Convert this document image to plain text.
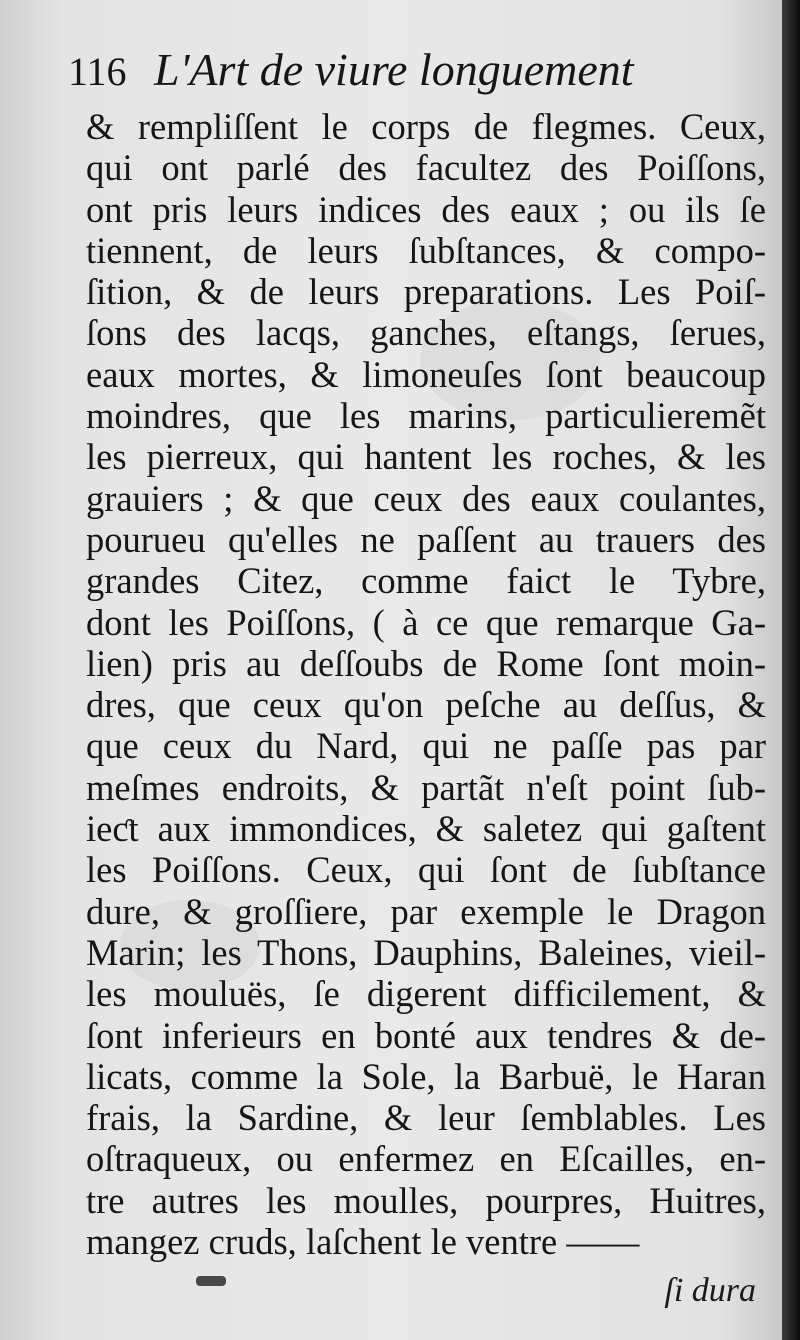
116 L'Art de viure longuement
& rempliſſent le corps de flegmes. Ceux,
qui ont parlé des facultez des Poiſſons,
ont pris leurs indices des eaux ; ou ils ſe
tiennent, de leurs ſubſtances, & compo-
ſition, & de leurs preparations. Les Poiſ-
ſons des lacqs, ganches, eſtangs, ſerues,
eaux mortes, & limoneuſes ſont beaucoup
moindres, que les marins, particulieremẽt
les pierreux, qui hantent les roches, & les
grauiers ; & que ceux des eaux coulantes,
pourueu qu'elles ne paſſent au trauers des
grandes Citez, comme faict le Tybre,
dont les Poiſſons, ( à ce que remarque Ga-
lien) pris au deſſoubs de Rome ſont moin-
dres, que ceux qu'on peſche au deſſus, &
que ceux du Nard, qui ne paſſe pas par
meſmes endroits, & partãt n'eſt point ſub-
ieƈt aux immondices, & saletez qui gaſtent
les Poiſſons. Ceux, qui ſont de ſubſtance
dure, & groſſiere, par exemple le Dragon
Marin; les Thons, Dauphins, Baleines, vieil-
les mouluës, ſe digerent difficilement, &
ſont inferieurs en bonté aux tendres & de-
licats, comme la Sole, la Barbuë, le Haran
frais, la Sardine, & leur ſemblables. Les
oſtraqueux, ou enfermez en Eſcailles, en-
tre autres les moulles, pourpres, Huitres,
mangez cruds, laſchent le ventre ——
ſi dura
